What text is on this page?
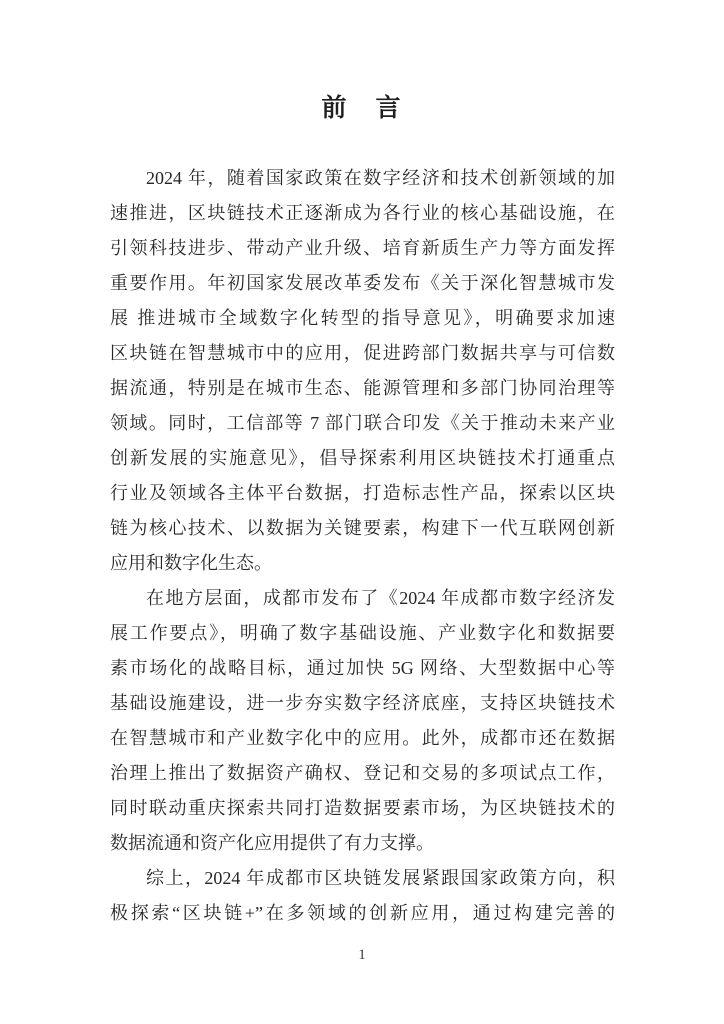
前　言
2024 年，随着国家政策在数字经济和技术创新领域的加
速推进，区块链技术正逐渐成为各行业的核心基础设施，在
引领科技进步、带动产业升级、培育新质生产力等方面发挥
重要作用。年初国家发展改革委发布《关于深化智慧城市发
展 推进城市全域数字化转型的指导意见》，明确要求加速
区块链在智慧城市中的应用，促进跨部门数据共享与可信数
据流通，特别是在城市生态、能源管理和多部门协同治理等
领域。同时，工信部等 7 部门联合印发《关于推动未来产业
创新发展的实施意见》，倡导探索利用区块链技术打通重点
行业及领域各主体平台数据，打造标志性产品，探索以区块
链为核心技术、以数据为关键要素，构建下一代互联网创新
应用和数字化生态。
在地方层面，成都市发布了《2024 年成都市数字经济发
展工作要点》，明确了数字基础设施、产业数字化和数据要
素市场化的战略目标，通过加快 5G 网络、大型数据中心等
基础设施建设，进一步夯实数字经济底座，支持区块链技术
在智慧城市和产业数字化中的应用。此外，成都市还在数据
治理上推出了数据资产确权、登记和交易的多项试点工作，
同时联动重庆探索共同打造数据要素市场，为区块链技术的
数据流通和资产化应用提供了有力支撑。
综上，2024 年成都市区块链发展紧跟国家政策方向，积
极探索“区块链+”在多领域的创新应用，通过构建完善的
1
